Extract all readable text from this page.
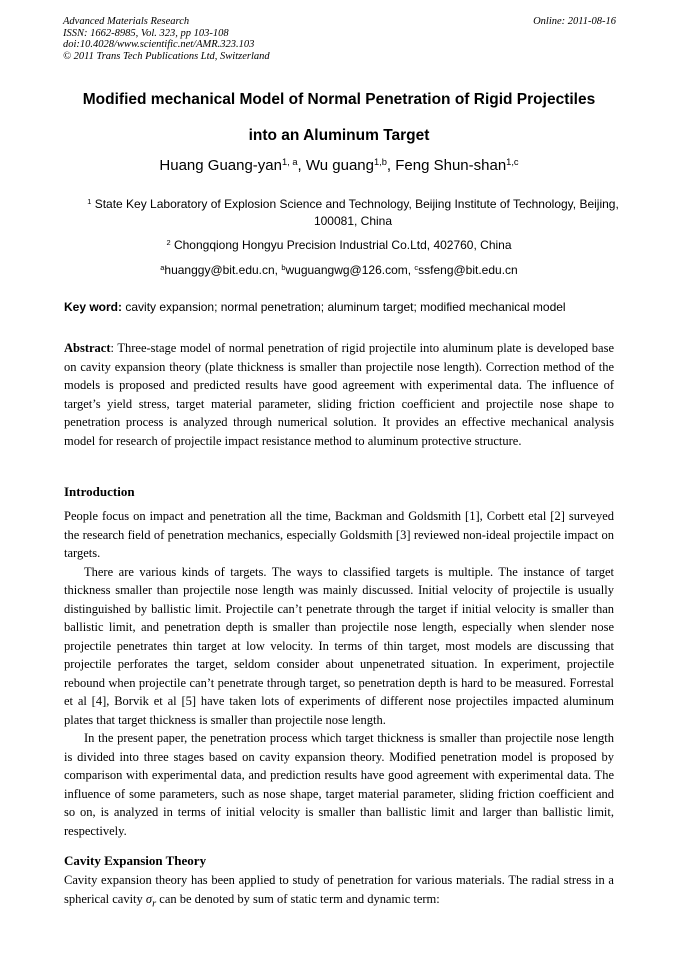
Advanced Materials Research
ISSN: 1662-8985, Vol. 323, pp 103-108
doi:10.4028/www.scientific.net/AMR.323.103
© 2011 Trans Tech Publications Ltd, Switzerland
Online: 2011-08-16
Modified mechanical Model of Normal Penetration of Rigid Projectiles
into an Aluminum Target
Huang Guang-yan$^{1, a}$, Wu guang$^{1,b}$, Feng Shun-shan$^{1,c}$
$^1$ State Key Laboratory of Explosion Science and Technology, Beijing Institute of Technology, Beijing, 100081, China
$^2$ Chongqiong Hongyu Precision Industrial Co.Ltd, 402760, China
$^a$huanggy@bit.edu.cn, $^b$wuguangwg@126.com, $^c$ssfeng@bit.edu.cn
Key word: cavity expansion; normal penetration; aluminum target; modified mechanical model
Abstract: Three-stage model of normal penetration of rigid projectile into aluminum plate is developed base on cavity expansion theory (plate thickness is smaller than projectile nose length). Correction method of the models is proposed and predicted results have good agreement with experimental data. The influence of target’s yield stress, target material parameter, sliding friction coefficient and projectile nose shape to penetration process is analyzed through numerical solution. It provides an effective mechanical analysis model for research of projectile impact resistance method to aluminum protective structure.
Introduction

People focus on impact and penetration all the time, Backman and Goldsmith [1], Corbett etal [2] surveyed the research field of penetration mechanics, especially Goldsmith [3] reviewed non-ideal projectile impact on targets.

There are various kinds of targets. The ways to classified targets is multiple. The instance of target thickness smaller than projectile nose length was mainly discussed. Initial velocity of projectile is usually distinguished by ballistic limit. Projectile can’t penetrate through the target if initial velocity is smaller than ballistic limit, and penetration depth is smaller than projectile nose length, especially when slender nose projectile penetrates thin target at low velocity. In terms of thin target, most models are discussing that projectile perforates the target, seldom consider about unpenetrated situation. In experiment, projectile rebound when projectile can’t penetrate through target, so penetration depth is hard to be measured. Forrestal et al [4], Borvik et al [5] have taken lots of experiments of different nose projectiles impacted aluminum plates that target thickness is smaller than projectile nose length.

In the present paper, the penetration process which target thickness is smaller than projectile nose length is divided into three stages based on cavity expansion theory. Modified penetration model is proposed by comparison with experimental data, and prediction results have good agreement with experimental data. The influence of some parameters, such as nose shape, target material parameter, sliding friction coefficient and so on, is analyzed in terms of initial velocity is smaller than ballistic limit and larger than ballistic limit, respectively.

Cavity Expansion Theory
Cavity expansion theory has been applied to study of penetration for various materials. The radial stress in a spherical cavity $\sigma_r$ can be denoted by sum of static term and dynamic term:
